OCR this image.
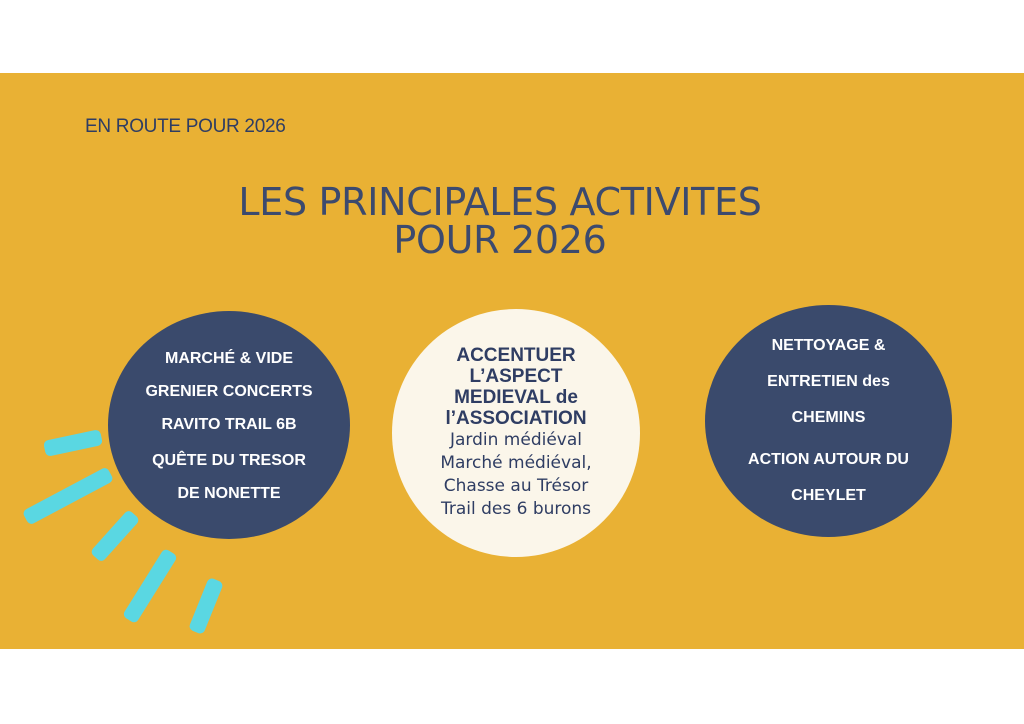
EN ROUTE POUR 2026
LES PRINCIPALES ACTIVITES
POUR 2026
MARCHÉ & VIDE
GRENIER CONCERTS
RAVITO TRAIL 6B
QUÊTE DU TRESOR
DE NONETTE
ACCENTUER
L’ASPECT
MEDIEVAL de
l’ASSOCIATION
Jardin médiéval
Marché médiéval,
Chasse au Trésor
Trail des 6 burons
NETTOYAGE &
ENTRETIEN des
CHEMINS
ACTION AUTOUR DU
CHEYLET
